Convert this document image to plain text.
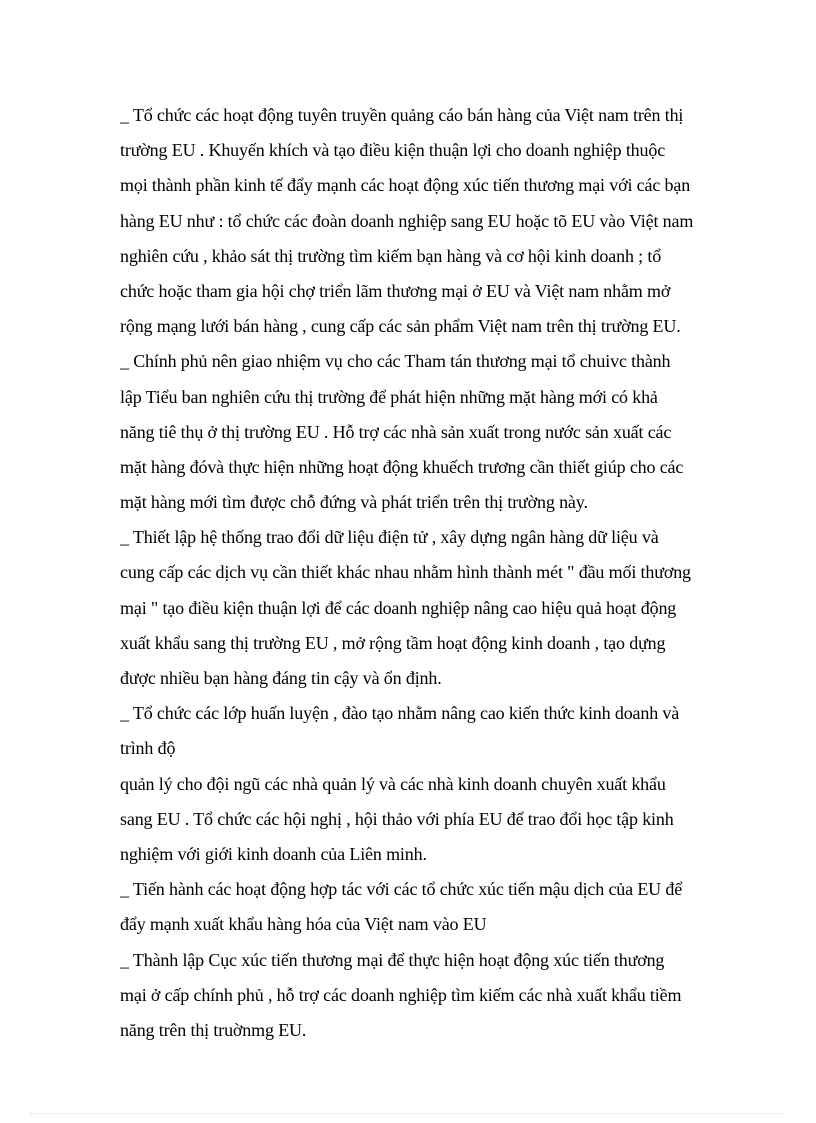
_ Tổ chức các hoạt động tuyên truyền quảng cáo bán hàng của Việt nam trên thị
trường EU . Khuyến khích và tạo điều kiện thuận lợi cho doanh nghiệp thuộc
mọi thành phần kinh tế đẩy mạnh các hoạt động xúc tiến thương mại với các bạn
hàng EU như : tổ chức các đoàn doanh nghiệp sang EU hoặc tõ EU vào Việt nam
nghiên cứu , khảo sát thị trường tìm kiếm bạn hàng và cơ hội kinh doanh ; tổ
chức hoặc tham gia hội chợ triển lãm thương mại ở EU và Việt nam nhằm mở
rộng mạng lưới bán hàng , cung cấp các sản phẩm Việt nam trên thị trường EU.
_ Chính phủ nên giao nhiệm vụ cho các Tham tán thương mại tổ chuivc thành
lập Tiểu ban nghiên cứu thị trường để phát hiện những mặt hàng mới có khả
năng tiê thụ ở thị trường EU . Hỗ trợ các nhà sản xuất trong nước sản xuất các
mặt hàng đóvà thực hiện những hoạt động khuếch trương cần thiết giúp cho các
mặt hàng mới tìm được chỗ đứng và phát triển trên thị trường này.
_ Thiết lập hệ thống trao đổi dữ liệu điện tử , xây dựng ngân hàng dữ liệu và
cung cấp các dịch vụ cần thiết khác nhau nhằm hình thành mét " đầu mối thương
mại " tạo điều kiện thuận lợi để các doanh nghiệp nâng cao hiệu quả hoạt động
xuất khẩu sang thị trường EU , mở rộng tầm hoạt động kinh doanh , tạo dựng
được nhiều bạn hàng đáng tin cậy và ổn định.
_ Tổ chức các lớp huấn luyện , đào tạo nhằm nâng cao kiến thức kinh doanh và
trình độ
quản lý cho đội ngũ các nhà quản lý và các nhà kinh doanh chuyên xuất khẩu
sang EU . Tổ chức các hội nghị , hội thảo với phía EU để trao đổi học tập kinh
nghiệm với giới kinh doanh của Liên minh.
_ Tiến hành các hoạt động hợp tác với các tổ chức xúc tiến mậu dịch của EU để
đẩy mạnh xuất khẩu hàng hóa của Việt nam vào EU
_ Thành lập Cục xúc tiến thương mại để thực hiện hoạt động xúc tiến thương
mại ở cấp chính phủ , hỗ trợ các doanh nghiệp tìm kiếm các nhà xuất khẩu tiềm
năng trên thị truờnmg EU.
